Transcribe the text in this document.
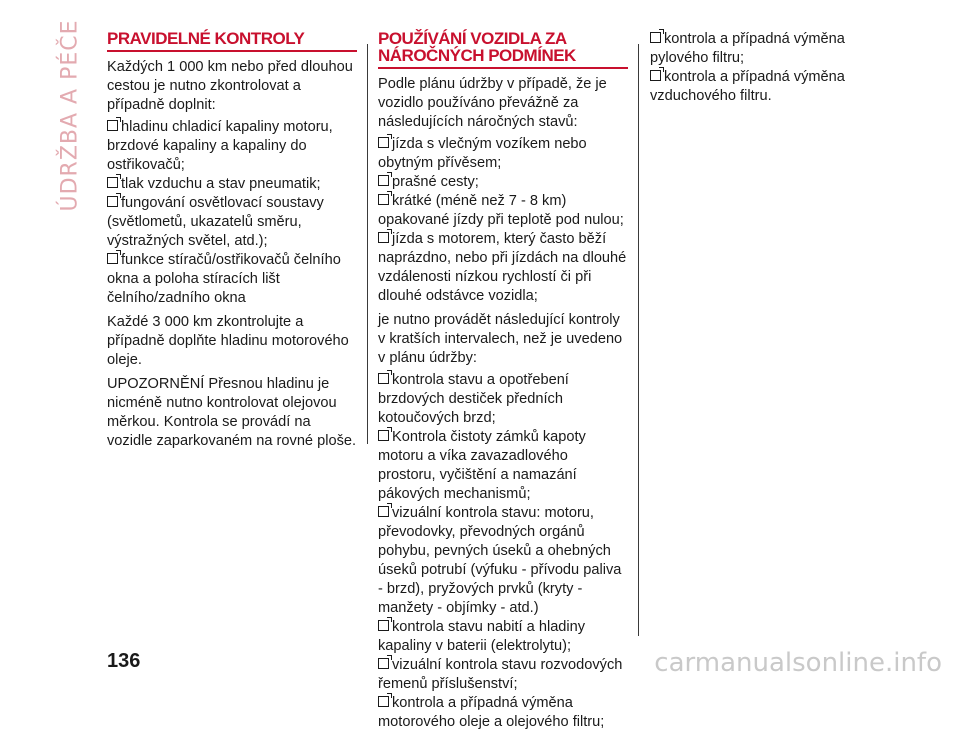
ÚDRŽBA A PÉČE PRAVIDELNÉ KONTROLY

Každých 1 000 km nebo před dlouhou cestou je nutno zkontrolovat a případně doplnit:

hladinu chladicí kapaliny motoru, brzdové kapaliny a kapaliny do ostřikovačů;
tlak vzduchu a stav pneumatik;
fungování osvětlovací soustavy (světlometů, ukazatelů směru, výstražných světel, atd.);
funkce stíračů/ostřikovačů čelního okna a poloha stíracích lišt čelního/zadního okna

Každé 3 000 km zkontrolujte a případně doplňte hladinu motorového oleje.

UPOZORNĚNÍ Přesnou hladinu je nicméně nutno kontrolovat olejovou měrkou. Kontrola se provádí na vozidle zaparkovaném na rovné ploše.

POUŽÍVÁNÍ VOZIDLA ZA
NÁROČNÝCH PODMÍNEK

Podle plánu údržby v případě, že je vozidlo používáno převážně za následujících náročných stavů:

jízda s vlečným vozíkem nebo obytným přívěsem;
prašné cesty;
krátké (méně než 7 - 8 km) opakované jízdy při teplotě pod nulou;
jízda s motorem, který často běží naprázdno, nebo při jízdách na dlouhé vzdálenosti nízkou rychlostí či při dlouhé odstávce vozidla;

je nutno provádět následující kontroly v kratších intervalech, než je uvedeno v plánu údržby:

kontrola stavu a opotřebení brzdových destiček předních kotoučových brzd;
Kontrola čistoty zámků kapoty motoru a víka zavazadlového prostoru, vyčištění a namazání pákových mechanismů;
vizuální kontrola stavu: motoru, převodovky, převodných orgánů pohybu, pevných úseků a ohebných úseků potrubí (výfuku - přívodu paliva - brzd), pryžových prvků (kryty - manžety - objímky - atd.)
kontrola stavu nabití a hladiny kapaliny v baterii (elektrolytu);
vizuální kontrola stavu rozvodových řemenů příslušenství;
kontrola a případná výměna motorového oleje a olejového filtru;
kontrola a případná výměna pylového filtru;
kontrola a případná výměna vzduchového filtru.
136	carmanualsonline.info
